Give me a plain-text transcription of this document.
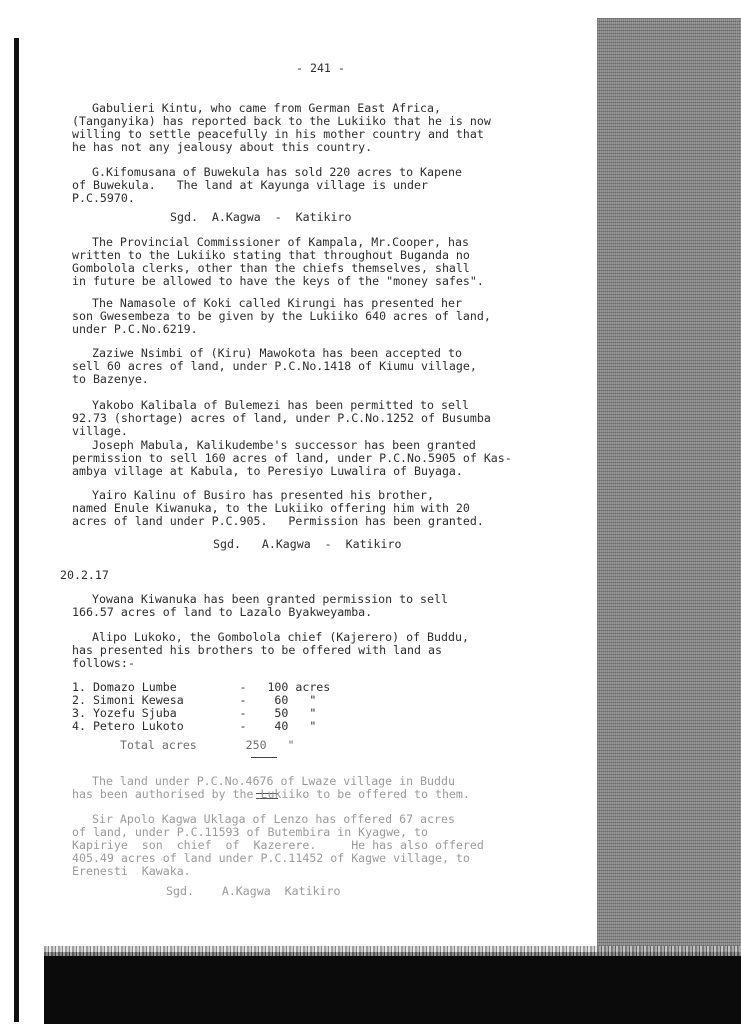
- 241 -

Gabulieri Kintu, who came from German East Africa,

(Tanganyika) has reported back to the Lukiiko that he is now

willing to settle peacefully in his mother country and that

he has not any jealousy about this country.

G.Kifomusana of Buwekula has sold 220 acres to Kapene

of Buwekula.   The land at Kayunga village is under

P.C.5970.

Sgd.  A.Kagwa  -  Katikiro

The Provincial Commissioner of Kampala, Mr.Cooper, has

written to the Lukiiko stating that throughout Buganda no

Gombolola clerks, other than the chiefs themselves, shall

in future be allowed to have the keys of the "money safes".

The Namasole of Koki called Kirungi has presented her

son Gwesembeza to be given by the Lukiiko 640 acres of land,

under P.C.No.6219.

Zaziwe Nsimbi of (Kiru) Mawokota has been accepted to

sell 60 acres of land, under P.C.No.1418 of Kiumu village,

to Bazenye.

Yakobo Kalibala of Bulemezi has been permitted to sell

92.73 (shortage) acres of land, under P.C.No.1252 of Busumba

village.

Joseph Mabula, Kalikudembe's successor has been granted

permission to sell 160 acres of land, under P.C.No.5905 of Kas-

ambya village at Kabula, to Peresiyo Luwalira of Buyaga.

Yairo Kalinu of Busiro has presented his brother,

named Enule Kiwanuka, to the Lukiiko offering him with 20

acres of land under P.C.905.   Permission has been granted.

Sgd.   A.Kagwa  -  Katikiro

20.2.17

Yowana Kiwanuka has been granted permission to sell

166.57 acres of land to Lazalo Byakweyamba.

Alipo Lukoko, the Gombolola chief (Kajerero) of Buddu,

has presented his brothers to be offered with land as

follows:-

1. Domazo Lumbe         -   100 acres

2. Simoni Kewesa        -    60   "

3. Yozefu Sjuba         -    50   "

4. Petero Lukoto        -    40   "

Total acres       250   "

The land under P.C.No.4676 of Lwaze village in Buddu

has been authorised by the Lukiiko to be offered to them.

Sir Apolo Kagwa Uklaga of Lenzo has offered 67 acres

of land, under P.C.11593 of Butembira in Kyagwe, to

Kapiriye  son  chief  of  Kazerere.     He has also offered

405.49 acres of land under P.C.11452 of Kagwe village, to

Erenesti  Kawaka.

Sgd.    A.Kagwa  Katikiro
